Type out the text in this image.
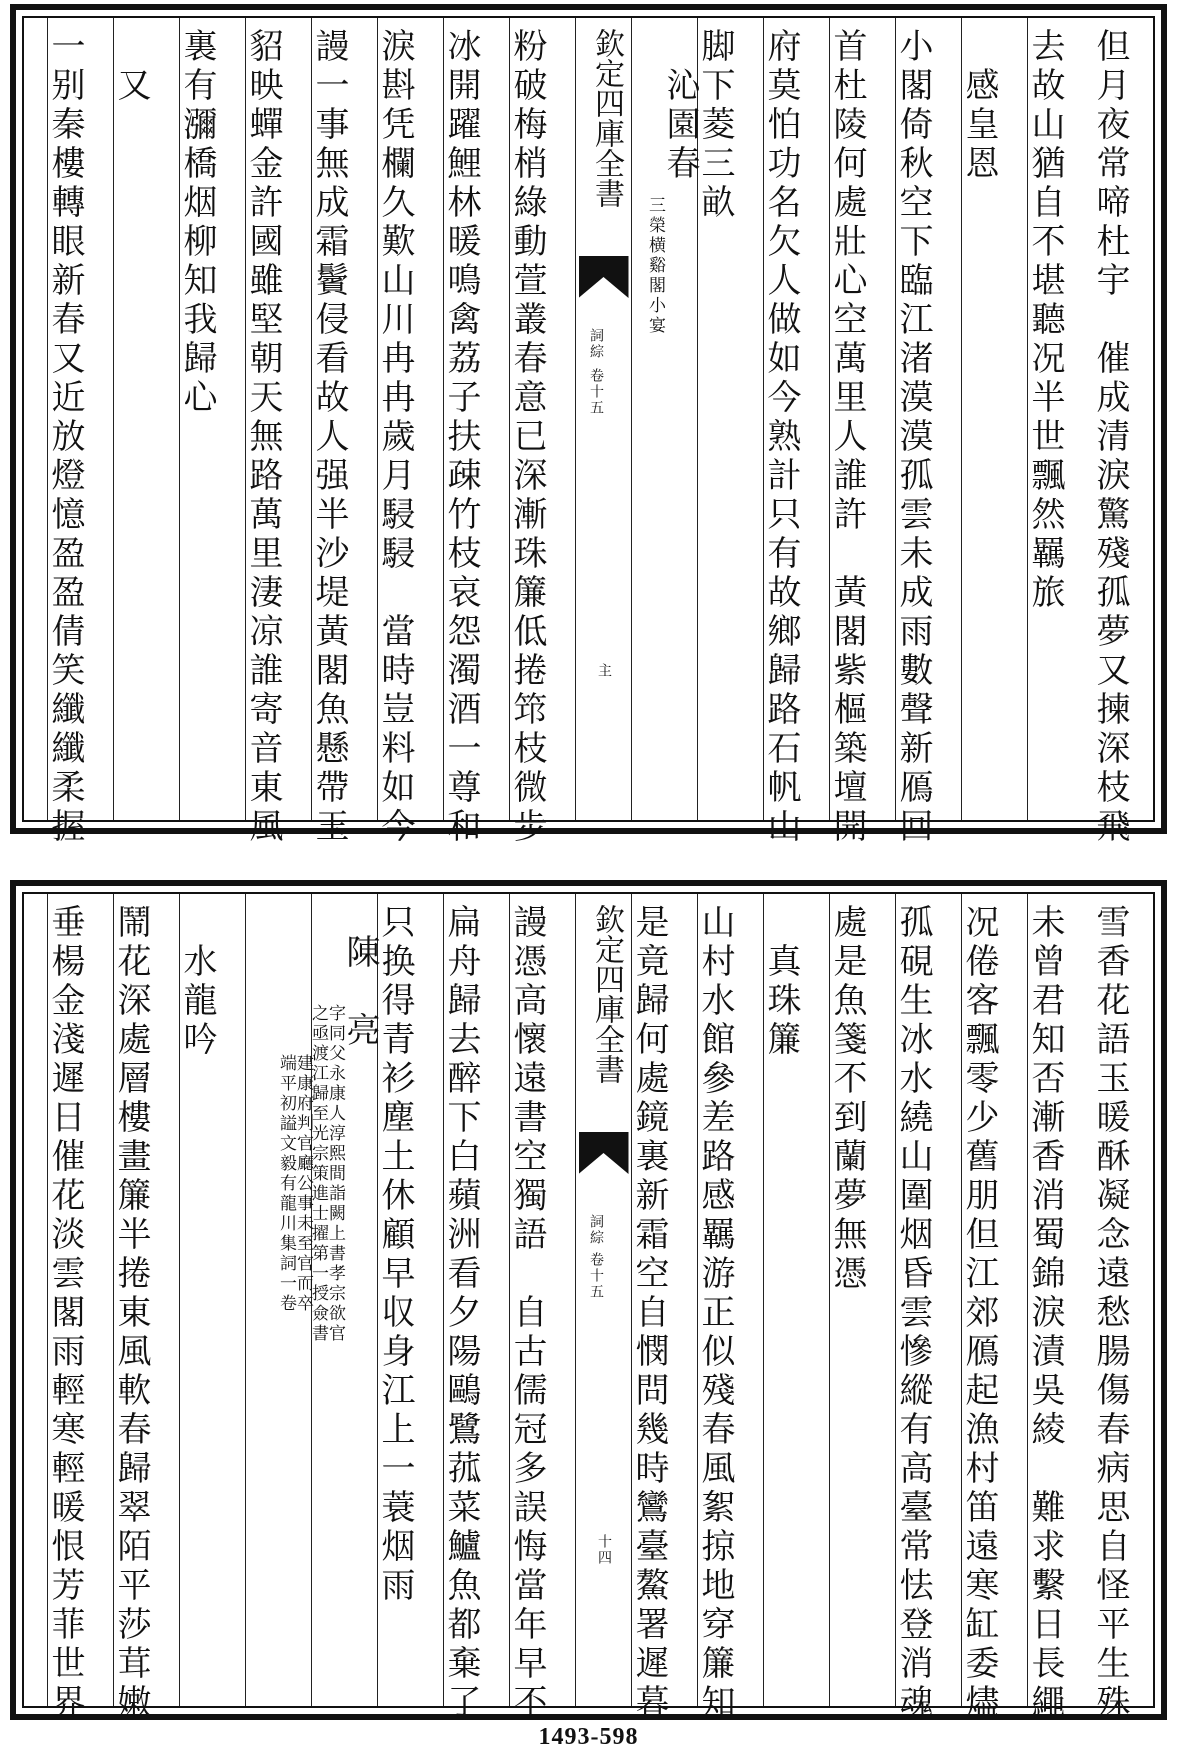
但月夜常啼杜宇　催成清淚驚殘孤夢又揀深枝飛
去故山猶自不堪聽况半世飄然羈旅
　感皇恩
小閣倚秋空下臨江渚漠漠孤雲未成雨數聲新鴈回
首杜陵何處壯心空萬里人誰許　黃閣紫樞築壇開
府莫怕功名欠人做如今熟計只有故鄉歸路石帆山
脚下菱三畝
　沁園春
三榮横谿閣小宴
欽定四庫全書
詞綜
卷十五
主
粉破梅梢綠動萱叢春意已深漸珠簾低捲筇枝微步
冰開躍鯉林暖鳴禽荔子扶疎竹枝哀怨濁酒一尊和
淚斟凭欄久歎山川冉冉歲月駸駸　當時豈料如今
謾一事無成霜鬢侵看故人强半沙堤黃閣魚懸帶玉
貂映蟬金許國雖堅朝天無路萬里淒凉誰寄音東風
裏有瀰橋烟柳知我歸心
　又
一别秦樓轉眼新春又近放燈憶盈盈倩笑纖纖柔握
雪香花語玉暖酥凝念遠愁腸傷春病思自怪平生殊
未曾君知否漸香消蜀錦淚漬吳綾　難求繫日長繩
况倦客飄零少舊朋但江郊鴈起漁村笛遠寒缸委燼
孤硯生冰水繞山圍烟昏雲慘縱有高臺常怯登消魂
處是魚箋不到蘭夢無憑
　真珠簾
山村水館參差路感羈游正似殘春風絮掠地穿簾知
是竟歸何處鏡裏新霜空自憫問幾時鸞臺鰲署遲暮
欽定四庫全書
詞綜
卷十五
十四
謾憑高懷遠書空獨語　自古儒冠多誤悔當年早不
扁舟歸去醉下白蘋洲看夕陽鷗鷺菰菜鱸魚都棄了
只换得青衫塵土休顧早収身江上一蓑烟雨
陳　亮
字同父永康人淳熙間詣闕上書孝宗欲官
之亟渡江歸至光宗策進士擢第一授僉書
建康府判官廳公事未至官而卒
端平初謚文毅有龍川集詞一卷
　水龍吟
鬧花深處層樓畫簾半捲東風軟春歸翠陌平莎茸嫩
垂楊金淺遲日催花淡雲閣雨輕寒輕暖恨芳菲世界
1493-598
